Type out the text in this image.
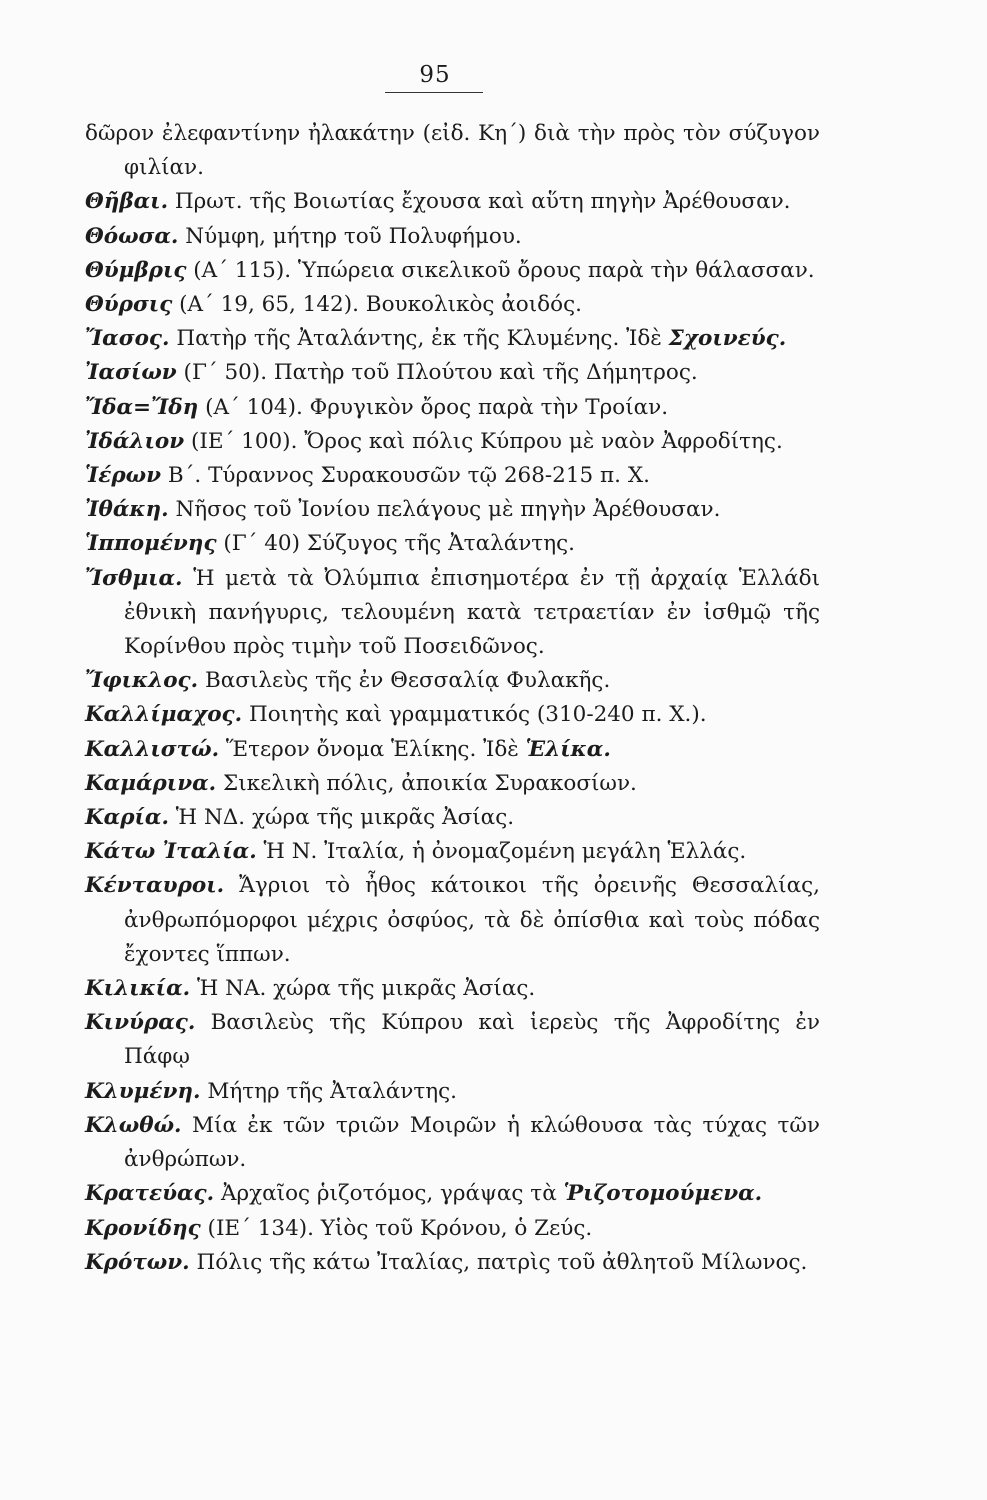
95
δῶρον ἐλεφαντίνην ἠλακάτην (εἰδ. Κη΄) διὰ τὴν πρὸς τὸν σύζυγον φιλίαν.
Θῆβαι. Πρωτ. τῆς Βοιωτίας ἔχουσα καὶ αὕτη πηγὴν Ἀρέθουσαν.
Θόωσα. Νύμφη, μήτηρ τοῦ Πολυφήμου.
Θύμβρις (Α΄ 115). Ὑπώρεια σικελικοῦ ὄρους παρὰ τὴν θάλασσαν.
Θύρσις (Α΄ 19, 65, 142). Βουκολικὸς ἀοιδός.
Ἴασος. Πατὴρ τῆς Ἀταλάντης, ἐκ τῆς Κλυμένης. Ἰδὲ Σχοινεύς.
Ἰασίων (Γ΄ 50). Πατὴρ τοῦ Πλούτου καὶ τῆς Δήμητρος.
Ἴδα=Ἴδη (Α΄ 104). Φρυγικὸν ὄρος παρὰ τὴν Τροίαν.
Ἰδάλιον (ΙΕ΄ 100). Ὄρος καὶ πόλις Κύπρου μὲ ναὸν Ἀφροδίτης.
Ἱέρων Β΄. Τύραννος Συρακουσῶν τῷ 268-215 π. Χ.
Ἰθάκη. Νῆσος τοῦ Ἰονίου πελάγους μὲ πηγὴν Ἀρέθουσαν.
Ἱππομένης (Γ΄ 40) Σύζυγος τῆς Ἀταλάντης.
Ἴσθμια. Ἡ μετὰ τὰ Ὀλύμπια ἐπισημοτέρα ἐν τῇ ἀρχαίᾳ Ἑλλάδι ἐθνικὴ πανήγυρις, τελουμένη κατὰ τετραετίαν ἐν ἰσθμῷ τῆς Κορίνθου πρὸς τιμὴν τοῦ Ποσειδῶνος.
Ἴφικλος. Βασιλεὺς τῆς ἐν Θεσσαλίᾳ Φυλακῆς.
Καλλίμαχος. Ποιητὴς καὶ γραμματικός (310-240 π. Χ.).
Καλλιστώ. Ἕτερον ὄνομα Ἑλίκης. Ἰδὲ Ἑλίκα.
Καμάρινα. Σικελικὴ πόλις, ἀποικία Συρακοσίων.
Καρία. Ἡ ΝΔ. χώρα τῆς μικρᾶς Ἀσίας.
Κάτω Ἰταλία. Ἡ Ν. Ἰταλία, ἡ ὀνομαζομένη μεγάλη Ἑλλάς.
Κένταυροι. Ἄγριοι τὸ ἦθος κάτοικοι τῆς ὀρεινῆς Θεσσαλίας, ἀνθρωπόμορφοι μέχρις ὀσφύος, τὰ δὲ ὀπίσθια καὶ τοὺς πόδας ἔχοντες ἵππων.
Κιλικία. Ἡ ΝΑ. χώρα τῆς μικρᾶς Ἀσίας.
Κινύρας. Βασιλεὺς τῆς Κύπρου καὶ ἱερεὺς τῆς Ἀφροδίτης ἐν Πάφῳ
Κλυμένη. Μήτηρ τῆς Ἀταλάντης.
Κλωθώ. Μία ἐκ τῶν τριῶν Μοιρῶν ἡ κλώθουσα τὰς τύχας τῶν ἀνθρώπων.
Κρατεύας. Ἀρχαῖος ῥιζοτόμος, γράψας τὰ Ῥιζοτομούμενα.
Κρονίδης (ΙΕ΄ 134). Υἱὸς τοῦ Κρόνου, ὁ Ζεύς.
Κρότων. Πόλις τῆς κάτω Ἰταλίας, πατρὶς τοῦ ἀθλητοῦ Μίλωνος.
